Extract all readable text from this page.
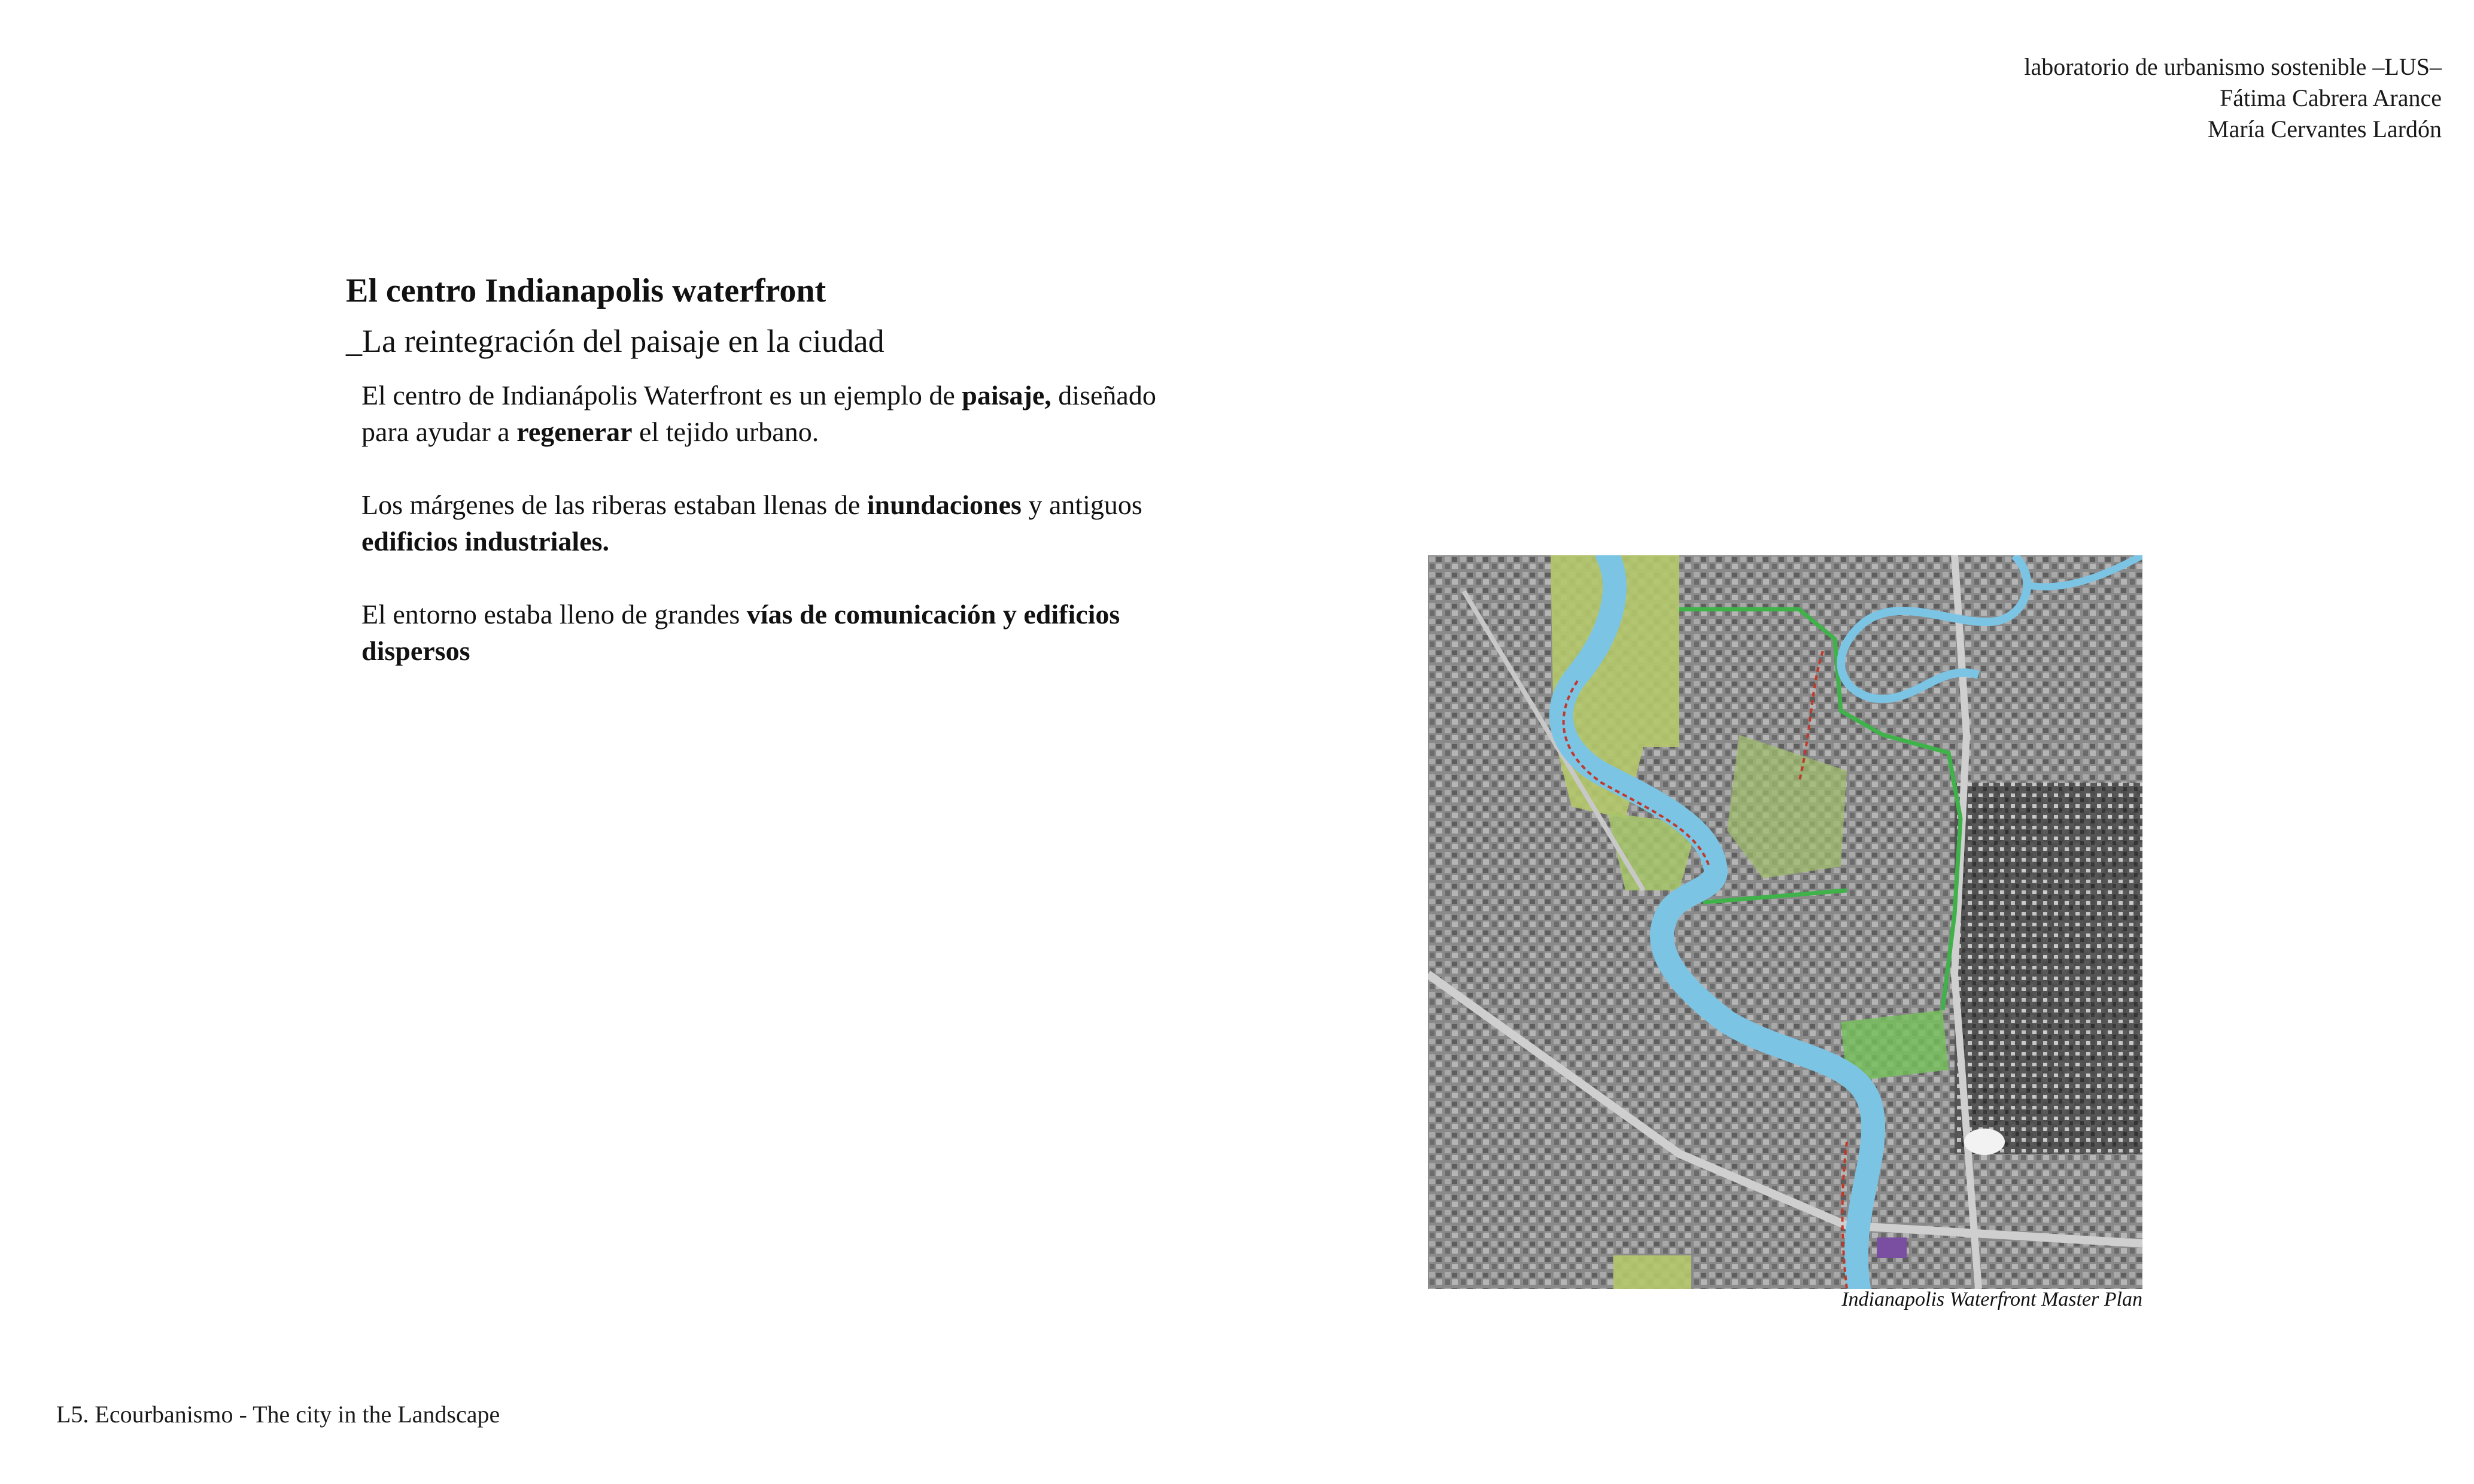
laboratorio de urbanismo sostenible –LUS–
Fátima Cabrera Arance
María Cervantes Lardón
El centro Indianapolis waterfront
_La reintegración del paisaje en la ciudad

El centro de Indianápolis Waterfront es un ejemplo de paisaje, diseñado para ayudar a regenerar el tejido urbano.

Los márgenes de las riberas estaban llenas de inundaciones y antiguos edificios industriales.

El entorno estaba lleno de grandes vías de comunicación y edificios dispersos

Indianapolis Waterfront Master Plan
L5. Ecourbanismo - The city in the Landscape
